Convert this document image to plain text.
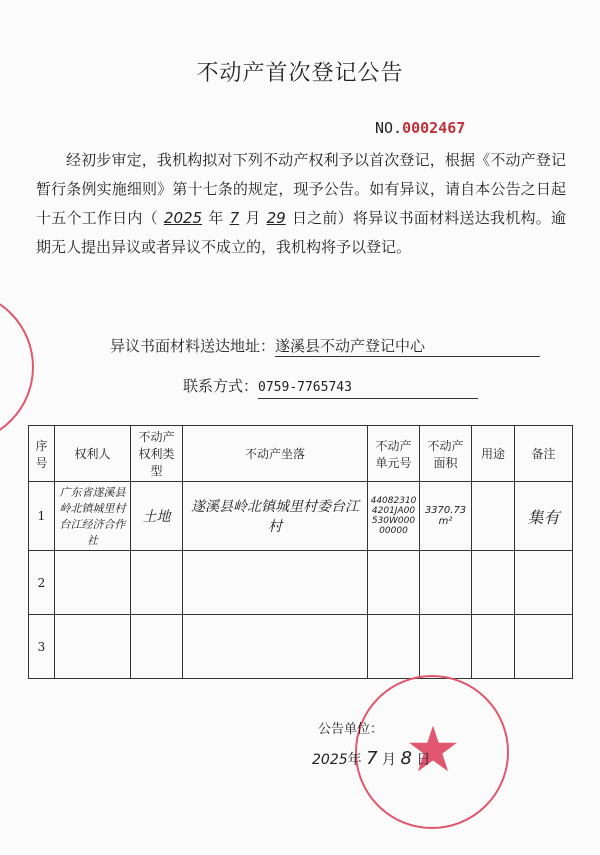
不动产首次登记公告
NO.0002467
经初步审定，我机构拟对下列不动产权利予以首次登记，根据《不动产登记暂行条例实施细则》第十七条的规定，现予公告。如有异议，请自本公告之日起十五个工作日内（ 2025 年 7 月 29 日之前）将异议书面材料送达我机构。逾期无人提出异议或者异议不成立的，我机构将予以登记。
异议书面材料送达地址：遂溪县不动产登记中心
联系方式：0759-7765743
序号	权利人	不动产权利类型	不动产坐落	不动产单元号	不动产面积	用途	备注
1	广东省遂溪县岭北镇城里村台江经济合作社	土地	遂溪县岭北镇城里村委台江村	440823104201JA00530W00000000	3370.73m²		集有
2							
3							
公告单位：
2025年 7 月 8 日
